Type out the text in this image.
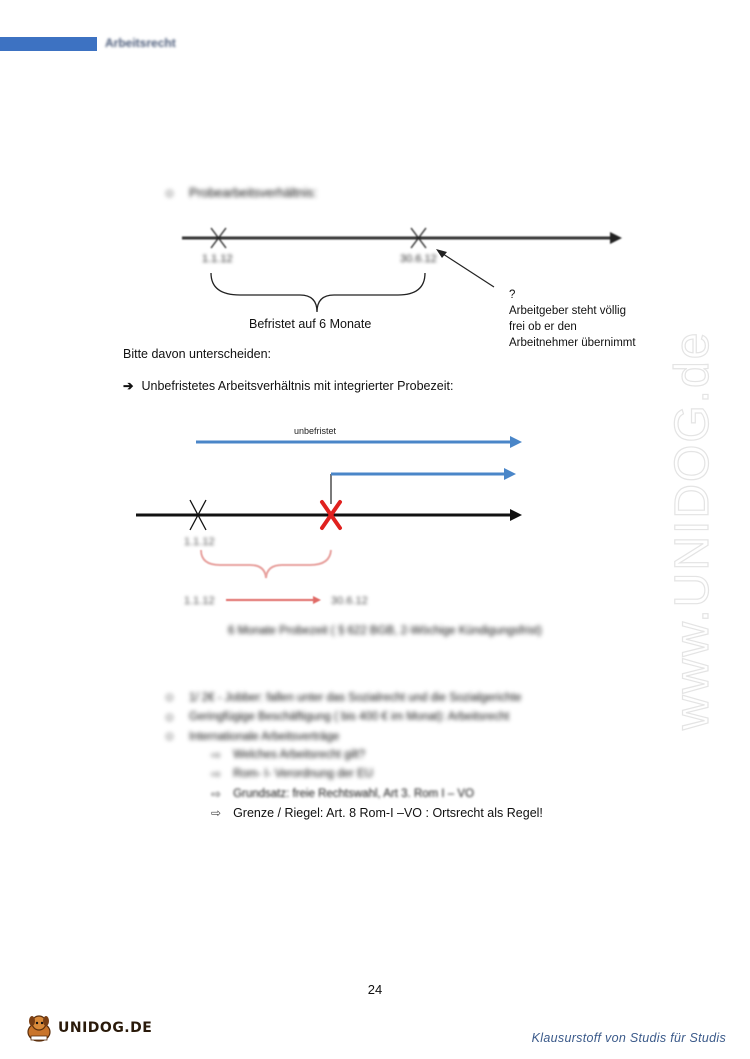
Arbeitsrecht
www.UNIDOG.de
Probearbeitsverhältnis:
1.1.12	30.6.12
Befristet auf 6 Monate
?
Arbeitgeber steht völlig
frei ob er den
Arbeitnehmer übernimmt
Bitte davon unterscheiden:
➔ Unbefristetes Arbeitsverhältnis mit integrierter Probezeit:
unbefristet
1.1.12
1.1.12	30.6.12
6 Monate Probezeit ( § 622 BGB, 2-Wöchige Kündigungsfrist)
1/ 2€ - Jobber: fallen unter das Sozialrecht und die Sozialgerichte
Geringfügige Beschäftigung ( bis 400 € im Monat): Arbeitsrecht
Internationale Arbeitsverträge
⇨ Welches Arbeitsrecht gilt?
⇨ Rom- I- Verordnung der EU
⇨ Grundsatz: freie Rechtswahl, Art 3. Rom I – VO
⇨ Grenze / Riegel: Art. 8 Rom-I –VO : Ortsrecht als Regel!
24
UNIDOG.DE
Klausurstoff von Studis für Studis
